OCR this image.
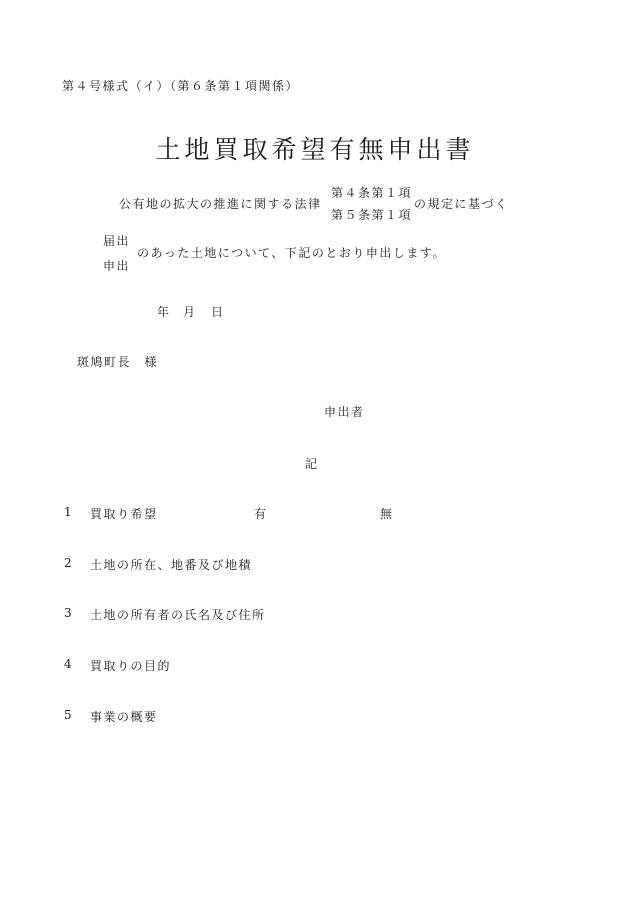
第４号様式（イ）（第６条第１項関係）
土地買取希望有無申出書
公有地の拡大の推進に関する法律
第４条第１項
第５条第１項
の規定に基づく
届出
申出
のあった土地について、下記のとおり申出します。
年 月 日
斑鳩町長　様
申出者
記
1 買取り希望	有	無
2 土地の所在、地番及び地積
3 土地の所有者の氏名及び住所
4 買取りの目的
5 事業の概要
